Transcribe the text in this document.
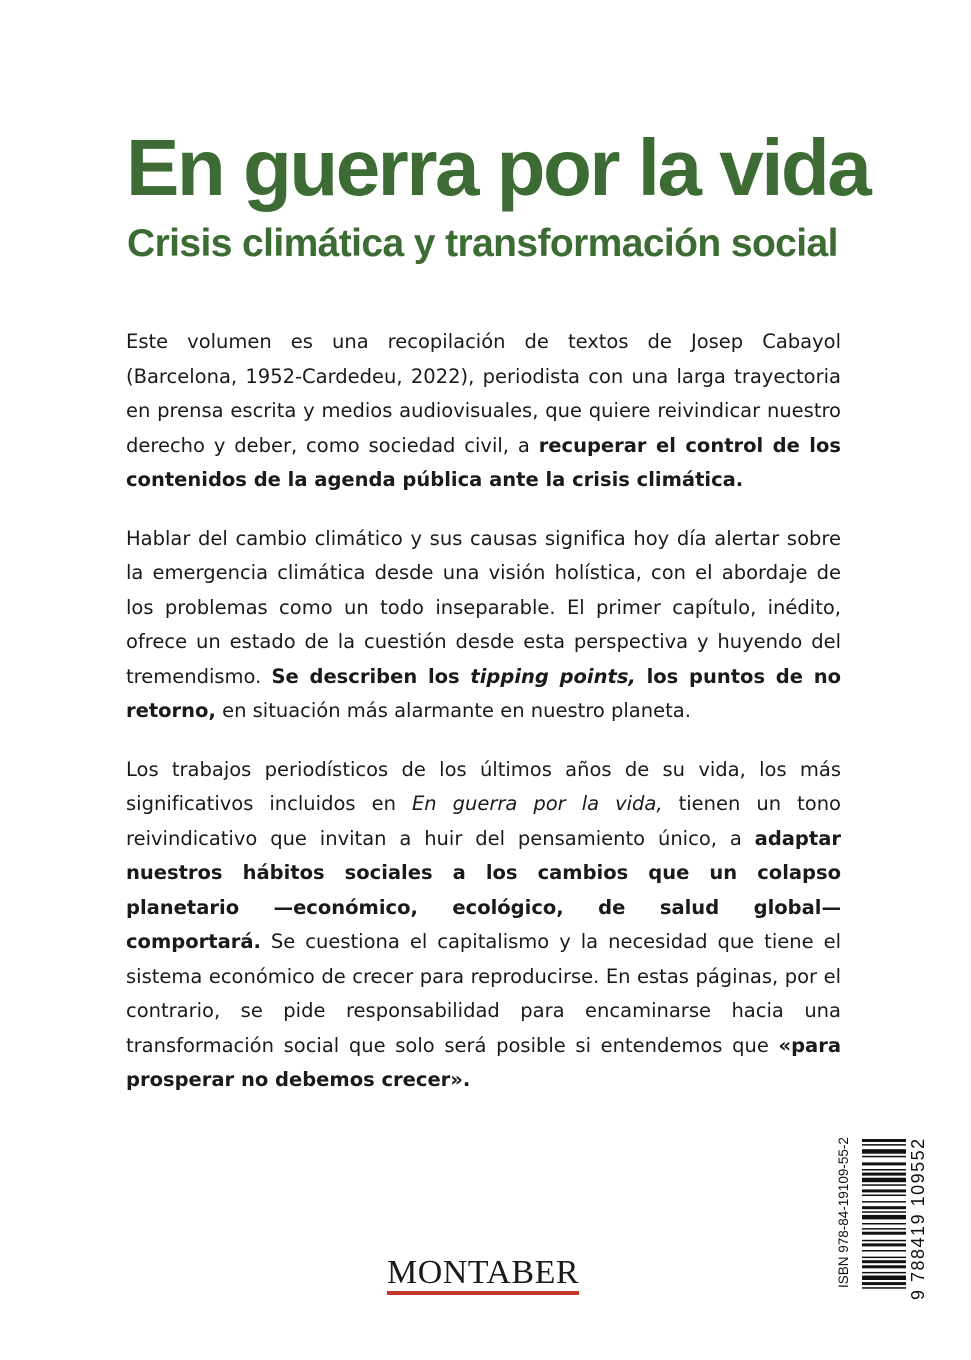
En guerra por la vida
Crisis climática y transformación social

Este volumen es una recopilación de textos de Josep Cabayol (Barcelona, 1952-Cardedeu, 2022), periodista con una larga trayectoria en prensa escrita y medios audiovisuales, que quiere reivindicar nuestro derecho y deber, como sociedad civil, a recuperar el control de los contenidos de la agenda pública ante la crisis climática.

Hablar del cambio climático y sus causas significa hoy día alertar sobre la emergencia climática desde una visión holística, con el abordaje de los problemas como un todo inseparable. El primer capítulo, inédito, ofrece un estado de la cuestión desde esta perspectiva y huyendo del tremendismo. Se describen los tipping points, los puntos de no retorno, en situación más alarmante en nuestro planeta.

Los trabajos periodísticos de los últimos años de su vida, los más significativos incluidos en En guerra por la vida, tienen un tono reivindicativo que invitan a huir del pensamiento único, a adaptar nuestros hábitos sociales a los cambios que un colapso planetario —económico, ecológico, de salud global— comportará. Se cuestiona el capitalismo y la necesidad que tiene el sistema económico de crecer para reproducirse. En estas páginas, por el contrario, se pide responsabilidad para encaminarse hacia una transformación social que solo será posible si entendemos que «para prosperar no debemos crecer».

ISBN 978-84-19109-55-2	9 788419 109552
MONTABER
